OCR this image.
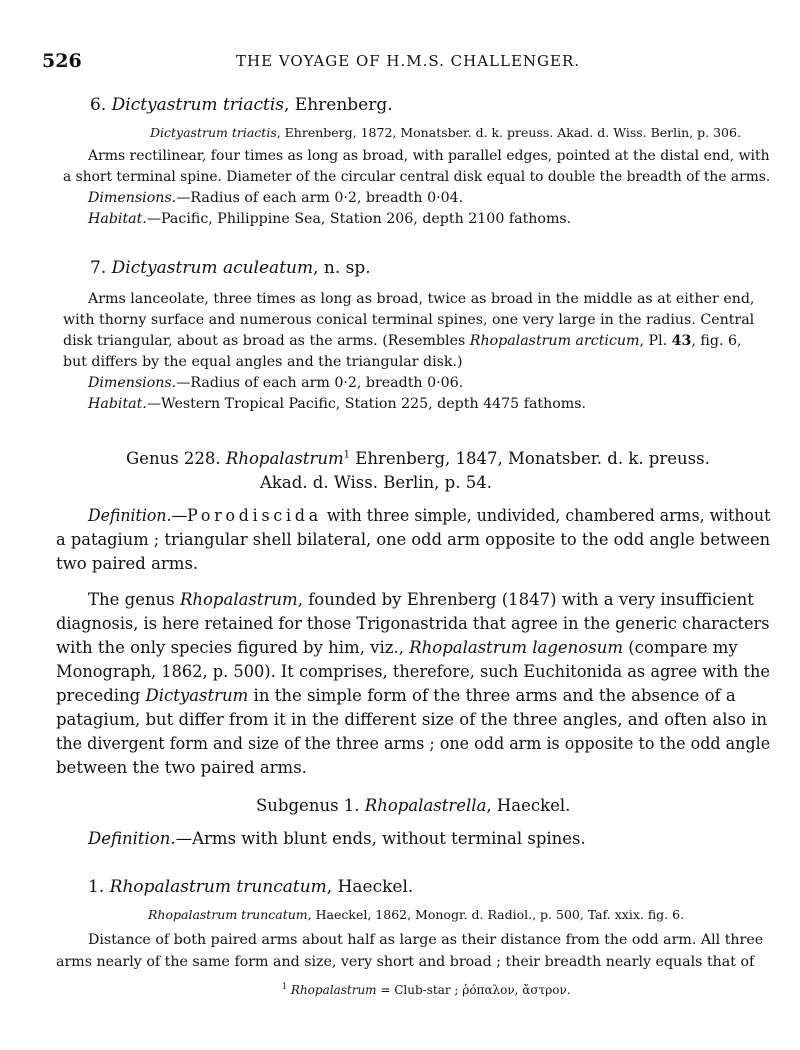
526	THE VOYAGE OF H.M.S. CHALLENGER.
6. Dictyastrum triactis, Ehrenberg.
Dictyastrum triactis, Ehrenberg, 1872, Monatsber. d. k. preuss. Akad. d. Wiss. Berlin, p. 306.
Arms rectilinear, four times as long as broad, with parallel edges, pointed at the distal end, with
a short terminal spine. Diameter of the circular central disk equal to double the breadth of the arms.
Dimensions.—Radius of each arm 0·2, breadth 0·04.
Habitat.—Pacific, Philippine Sea, Station 206, depth 2100 fathoms.
7. Dictyastrum aculeatum, n. sp.
Arms lanceolate, three times as long as broad, twice as broad in the middle as at either end,
with thorny surface and numerous conical terminal spines, one very large in the radius. Central
disk triangular, about as broad as the arms. (Resembles Rhopalastrum arcticum, Pl. 43, fig. 6,
but differs by the equal angles and the triangular disk.)
Dimensions.—Radius of each arm 0·2, breadth 0·06.
Habitat.—Western Tropical Pacific, Station 225, depth 4475 fathoms.
Genus 228. Rhopalastrum$^1$ Ehrenberg, 1847, Monatsber. d. k. preuss.
Akad. d. Wiss. Berlin, p. 54.
Definition.—Porodiscida with three simple, undivided, chambered arms, without
a patagium ; triangular shell bilateral, one odd arm opposite to the odd angle between
two paired arms.
The genus Rhopalastrum, founded by Ehrenberg (1847) with a very insufficient
diagnosis, is here retained for those Trigonastrida that agree in the generic characters
with the only species figured by him, viz., Rhopalastrum lagenosum (compare my
Monograph, 1862, p. 500). It comprises, therefore, such Euchitonida as agree with the
preceding Dictyastrum in the simple form of the three arms and the absence of a
patagium, but differ from it in the different size of the three angles, and often also in
the divergent form and size of the three arms ; one odd arm is opposite to the odd angle
between the two paired arms.
Subgenus 1. Rhopalastrella, Haeckel.
Definition.—Arms with blunt ends, without terminal spines.
1. Rhopalastrum truncatum, Haeckel.
Rhopalastrum truncatum, Haeckel, 1862, Monogr. d. Radiol., p. 500, Taf. xxix. fig. 6.
Distance of both paired arms about half as large as their distance from the odd arm. All three
arms nearly of the same form and size, very short and broad ; their breadth nearly equals that of
$^1$ Rhopalastrum = Club-star ; ῥόπαλον, ἄστρον.
